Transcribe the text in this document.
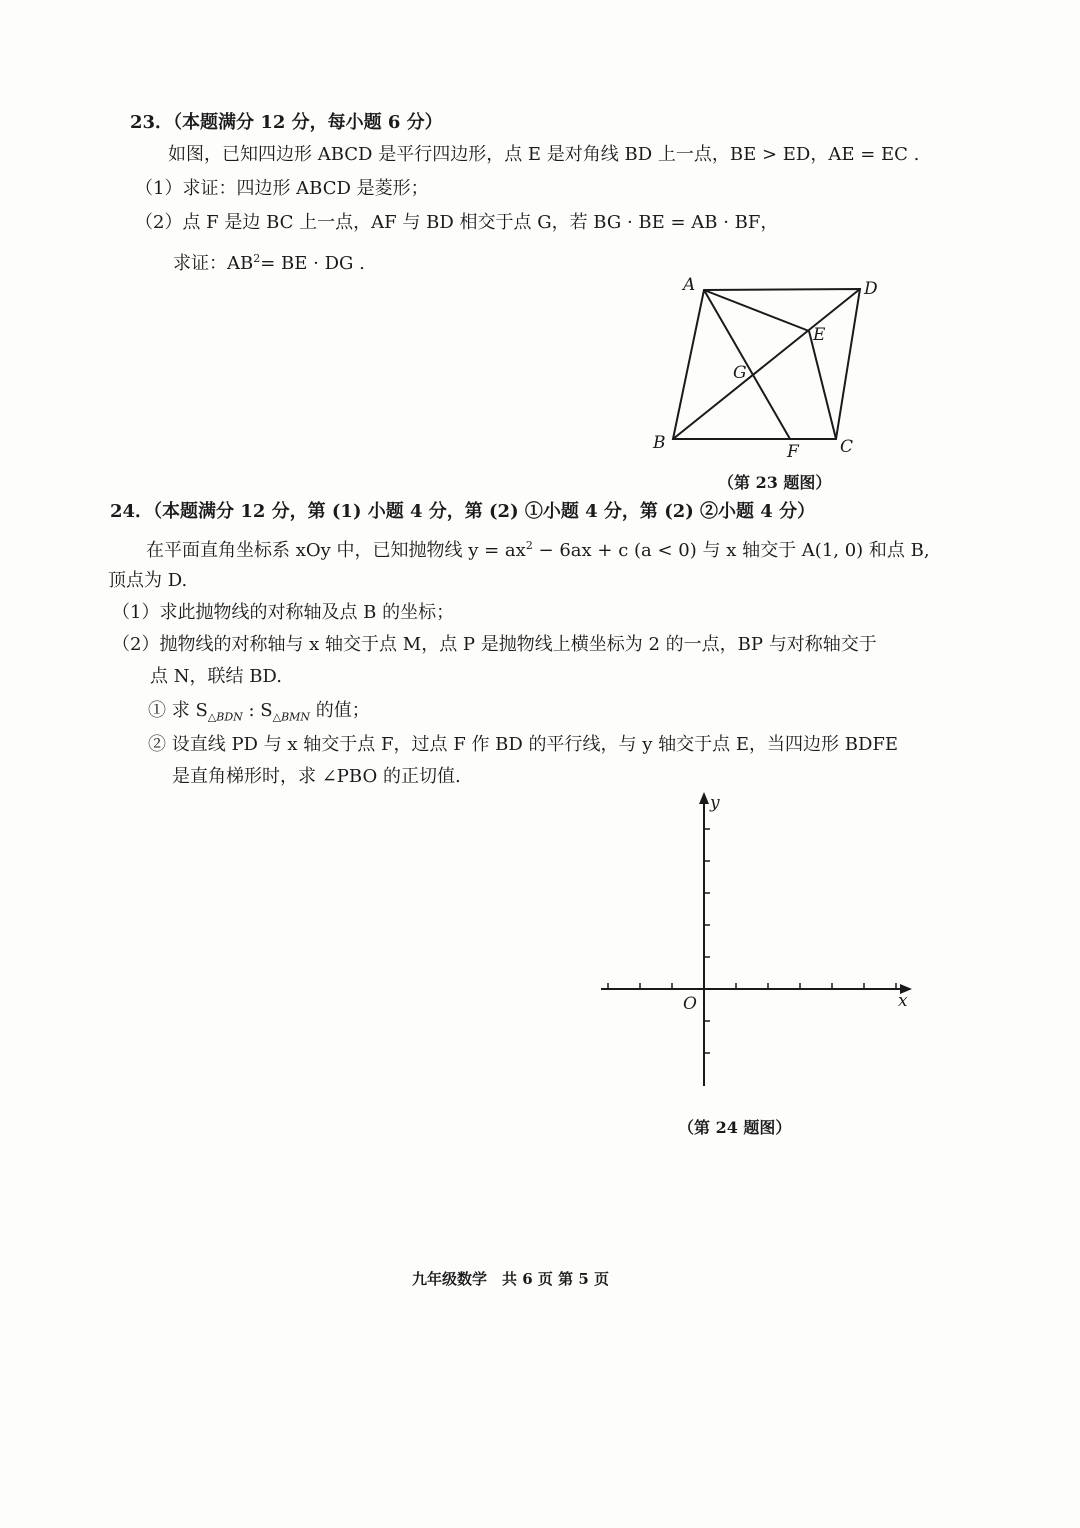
23．（本题满分 12 分，每小题 6 分）
如图，已知四边形 ABCD 是平行四边形，点 E 是对角线 BD 上一点，BE > ED，AE = EC .
（1）求证：四边形 ABCD 是菱形；
（2）点 F 是边 BC 上一点，AF 与 BD 相交于点 G，若 BG · BE = AB · BF，
求证：$AB^2=$ BE · DG .
A	D
E
G
B	F C
（第 23 题图）
24．（本题满分 12 分，第 (1) 小题 4 分，第 (2) ①小题 4 分，第 (2) ②小题 4 分）
在平面直角坐标系 xOy 中，已知抛物线 $y = ax^2 - 6ax + c$ (a < 0) 与 x 轴交于 A(1, 0) 和点 B,
顶点为 D.
（1）求此抛物线的对称轴及点 B 的坐标；
（2）抛物线的对称轴与 x 轴交于点 M，点 P 是抛物线上横坐标为 2 的一点，BP 与对称轴交于
点 N，联结 BD.
① 求 $S_{\triangle BDN}$ : $S_{\triangle BMN}$ 的值；
② 设直线 PD 与 x 轴交于点 F，过点 F 作 BD 的平行线，与 y 轴交于点 E，当四边形 BDFE
是直角梯形时，求 ∠PBO 的正切值.
x
y
O
（第 24 题图）
九年级数学　共 6 页 第 5 页
